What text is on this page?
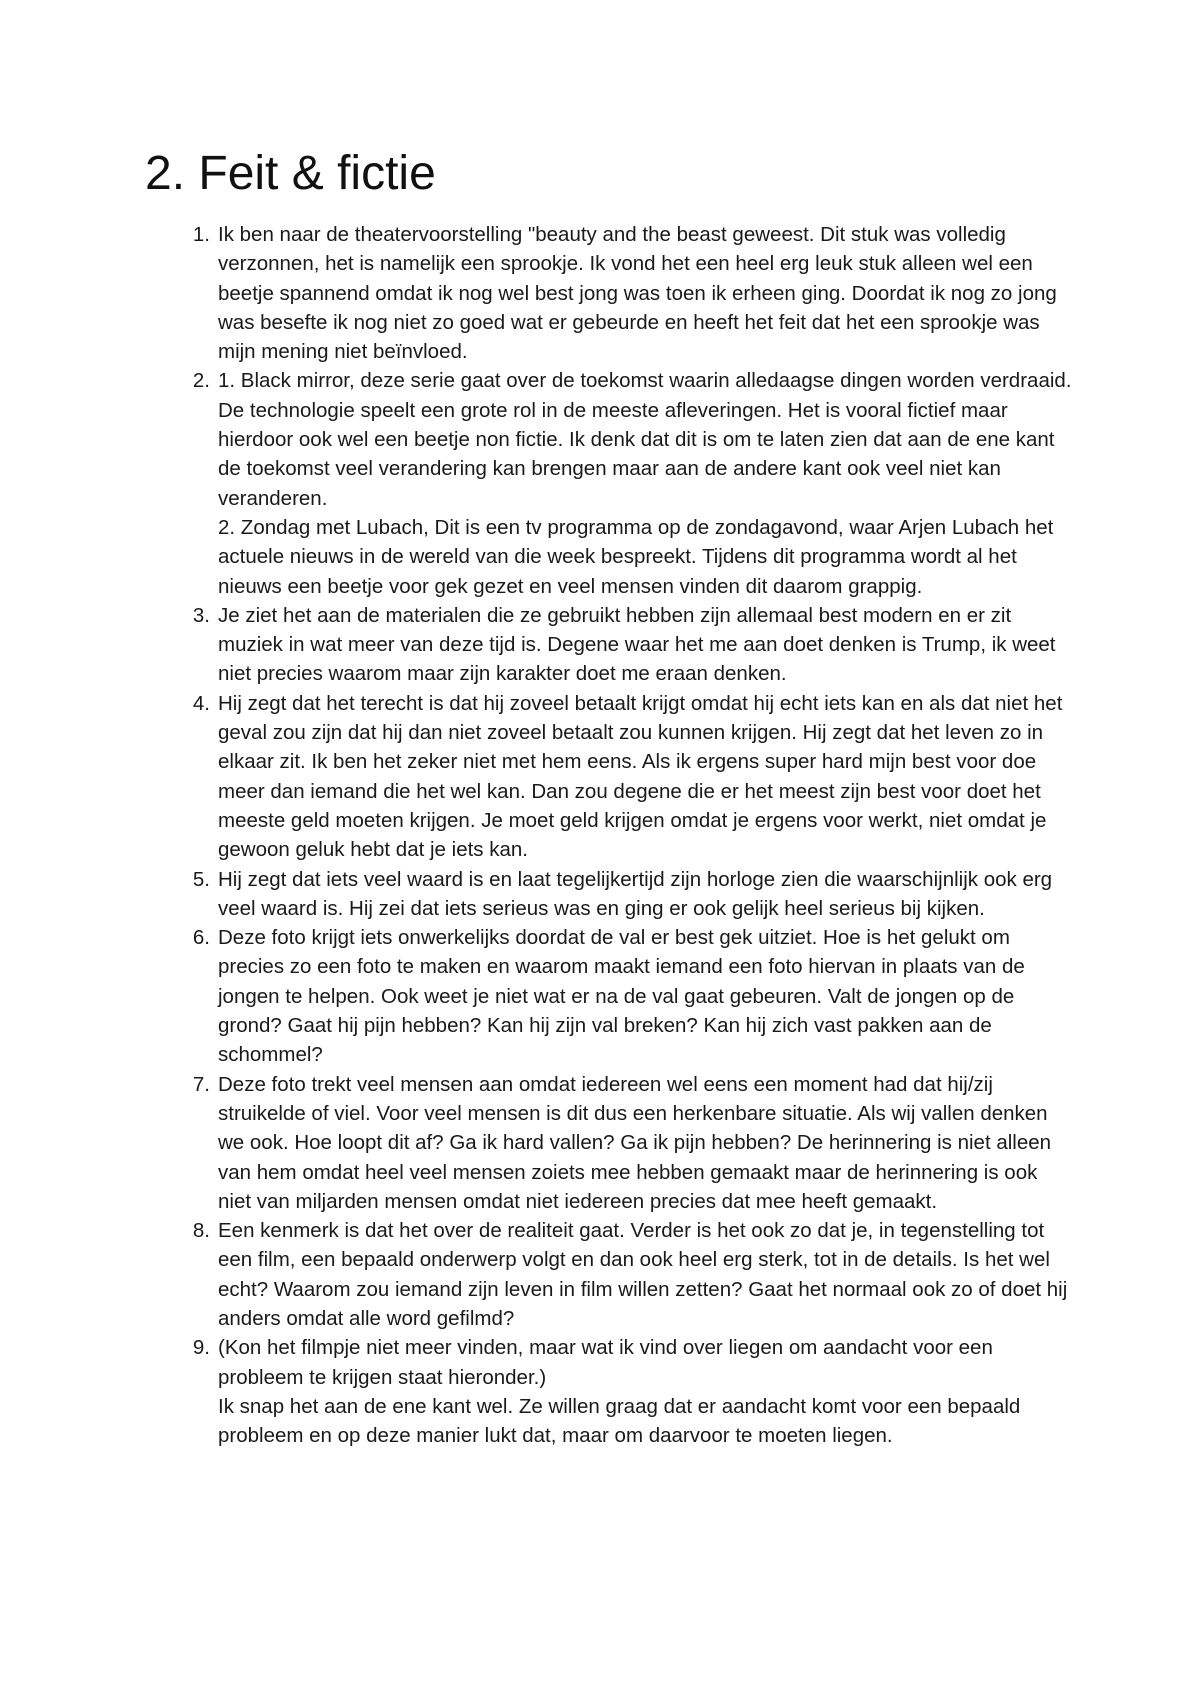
2. Feit & fictie
1. Ik ben naar de theatervoorstelling "beauty and the beast geweest. Dit stuk was volledig verzonnen, het is namelijk een sprookje. Ik vond het een heel erg leuk stuk alleen wel een beetje spannend omdat ik nog wel best jong was toen ik erheen ging. Doordat ik nog zo jong was besefte ik nog niet zo goed wat er gebeurde en heeft het feit dat het een sprookje was mijn mening niet beïnvloed.
2. 1. Black mirror, deze serie gaat over de toekomst waarin alledaagse dingen worden verdraaid. De technologie speelt een grote rol in de meeste afleveringen. Het is vooral fictief maar hierdoor ook wel een beetje non fictie. Ik denk dat dit is om te laten zien dat aan de ene kant de toekomst veel verandering kan brengen maar aan de andere kant ook veel niet kan veranderen.
2. Zondag met Lubach, Dit is een tv programma op de zondagavond, waar Arjen Lubach het actuele nieuws in de wereld van die week bespreekt. Tijdens dit programma wordt al het nieuws een beetje voor gek gezet en veel mensen vinden dit daarom grappig.
3. Je ziet het aan de materialen die ze gebruikt hebben zijn allemaal best modern en er zit muziek in wat meer van deze tijd is. Degene waar het me aan doet denken is Trump, ik weet niet precies waarom maar zijn karakter doet me eraan denken.
4. Hij zegt dat het terecht is dat hij zoveel betaalt krijgt omdat hij echt iets kan en als dat niet het geval zou zijn dat hij dan niet zoveel betaalt zou kunnen krijgen. Hij zegt dat het leven zo in elkaar zit. Ik ben het zeker niet met hem eens. Als ik ergens super hard mijn best voor doe meer dan iemand die het wel kan. Dan zou degene die er het meest zijn best voor doet het meeste geld moeten krijgen. Je moet geld krijgen omdat je ergens voor werkt, niet omdat je gewoon geluk hebt dat je iets kan.
5. Hij zegt dat iets veel waard is en laat tegelijkertijd zijn horloge zien die waarschijnlijk ook erg veel waard is. Hij zei dat iets serieus was en ging er ook gelijk heel serieus bij kijken.
6. Deze foto krijgt iets onwerkelijks doordat de val er best gek uitziet. Hoe is het gelukt om precies zo een foto te maken en waarom maakt iemand een foto hiervan in plaats van de jongen te helpen. Ook weet je niet wat er na de val gaat gebeuren. Valt de jongen op de grond? Gaat hij pijn hebben? Kan hij zijn val breken? Kan hij zich vast pakken aan de schommel?
7. Deze foto trekt veel mensen aan omdat iedereen wel eens een moment had dat hij/zij struikelde of viel. Voor veel mensen is dit dus een herkenbare situatie. Als wij vallen denken we ook. Hoe loopt dit af? Ga ik hard vallen? Ga ik pijn hebben? De herinnering is niet alleen van hem omdat heel veel mensen zoiets mee hebben gemaakt maar de herinnering is ook niet van miljarden mensen omdat niet iedereen precies dat mee heeft gemaakt.
8. Een kenmerk is dat het over de realiteit gaat. Verder is het ook zo dat je, in tegenstelling tot een film, een bepaald onderwerp volgt en dan ook heel erg sterk, tot in de details. Is het wel echt? Waarom zou iemand zijn leven in film willen zetten? Gaat het normaal ook zo of doet hij anders omdat alle word gefilmd?
9. (Kon het filmpje niet meer vinden, maar wat ik vind over liegen om aandacht voor een probleem te krijgen staat hieronder.)
Ik snap het aan de ene kant wel. Ze willen graag dat er aandacht komt voor een bepaald probleem en op deze manier lukt dat, maar om daarvoor te moeten liegen.
